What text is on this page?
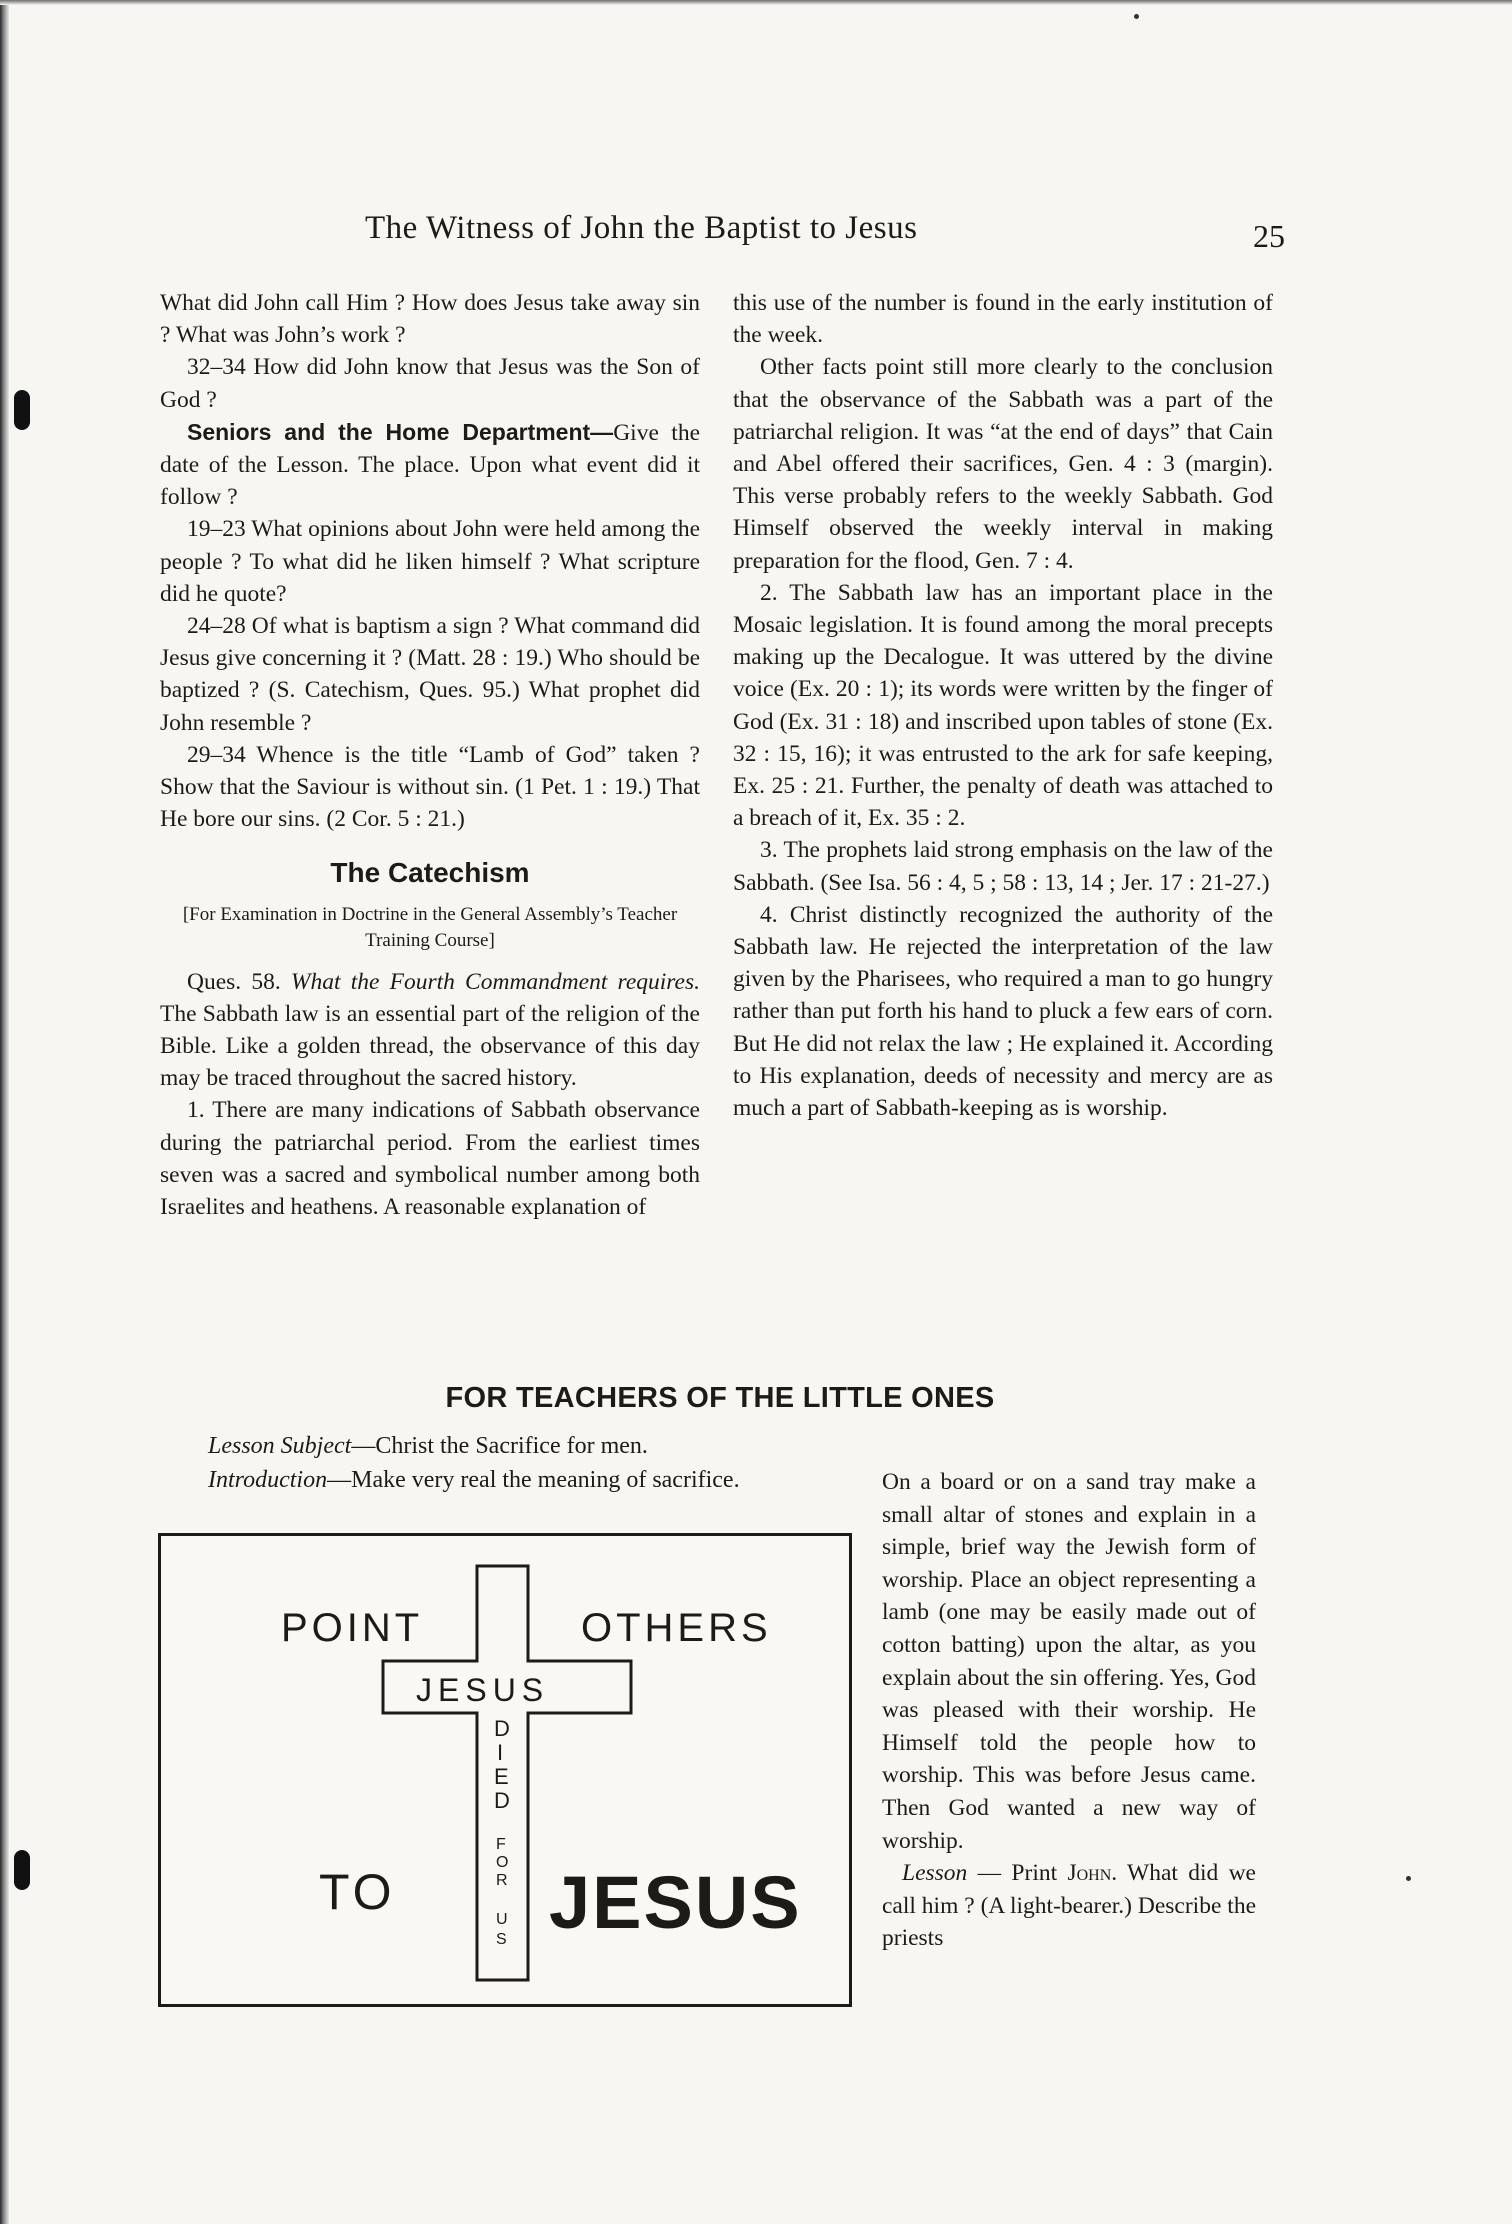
The Witness of John the Baptist to Jesus	25

What did John call Him ? How does Jesus take away sin ? What was John’s work ?

32–34 How did John know that Jesus was the Son of God ?

Seniors and the Home Department—Give the date of the Lesson. The place. Upon what event did it follow ?

19–23 What opinions about John were held among the people ? To what did he liken himself ? What scripture did he quote?

24–28 Of what is baptism a sign ? What command did Jesus give concerning it ? (Matt. 28 : 19.) Who should be baptized ? (S. Catechism, Ques. 95.) What prophet did John resemble ?

29–34 Whence is the title “Lamb of God” taken ? Show that the Saviour is without sin. (1 Pet. 1 : 19.) That He bore our sins. (2 Cor. 5 : 21.)

The Catechism
[For Examination in Doctrine in the General Assembly’s Teacher Training Course]

Ques. 58. What the Fourth Commandment requires. The Sabbath law is an essential part of the religion of the Bible. Like a golden thread, the observance of this day may be traced throughout the sacred history.

1. There are many indications of Sabbath observance during the patriarchal period. From the earliest times seven was a sacred and symbolical number among both Israelites and heathens. A reasonable explanation of

this use of the number is found in the early institution of the week.

Other facts point still more clearly to the conclusion that the observance of the Sabbath was a part of the patriarchal religion. It was “at the end of days” that Cain and Abel offered their sacrifices, Gen. 4 : 3 (margin). This verse probably refers to the weekly Sabbath. God Himself observed the weekly interval in making preparation for the flood, Gen. 7 : 4.

2. The Sabbath law has an important place in the Mosaic legislation. It is found among the moral precepts making up the Decalogue. It was uttered by the divine voice (Ex. 20 : 1); its words were written by the finger of God (Ex. 31 : 18) and inscribed upon tables of stone (Ex. 32 : 15, 16); it was entrusted to the ark for safe keeping, Ex. 25 : 21. Further, the penalty of death was attached to a breach of it, Ex. 35 : 2.

3. The prophets laid strong emphasis on the law of the Sabbath. (See Isa. 56 : 4, 5 ; 58 : 13, 14 ; Jer. 17 : 21-27.)

4. Christ distinctly recognized the authority of the Sabbath law. He rejected the interpretation of the law given by the Pharisees, who required a man to go hungry rather than put forth his hand to pluck a few ears of corn. But He did not relax the law ; He explained it. According to His explanation, deeds of necessity and mercy are as much a part of Sabbath-keeping as is worship.

FOR TEACHERS OF THE LITTLE ONES
Lesson Subject—Christ the Sacrifice for men.
Introduction—Make very real the meaning of sacrifice.	On a board or on a sand tray make a small altar of stones and explain in a simple, brief way the Jewish form of worship. Place an object representing a lamb (one may be easily made out of cotton batting) upon the altar, as you explain about the sin offering. Yes, God was pleased with their worship. He Himself told the people how to worship. This was before Jesus came. Then God wanted a new way of worship.

Lesson — Print John. What did we call him ? (A light-bearer.) Describe the priests

POINT	OTHERS
JESUS
D
I
E
D
F
O
R
U
S
TO JESUS
